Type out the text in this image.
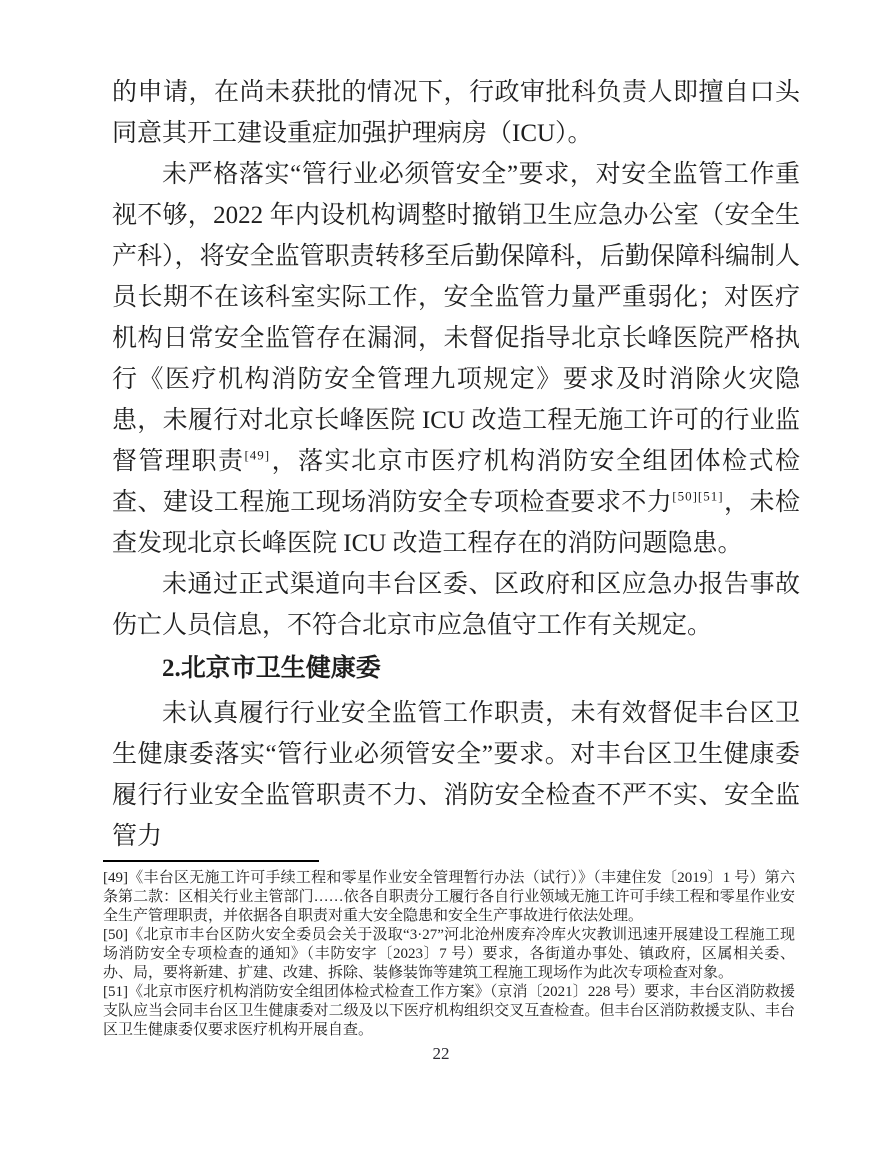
的申请，在尚未获批的情况下，行政审批科负责人即擅自口头同意其开工建设重症加强护理病房（ICU）。

未严格落实“管行业必须管安全”要求，对安全监管工作重视不够，2022 年内设机构调整时撤销卫生应急办公室（安全生产科），将安全监管职责转移至后勤保障科，后勤保障科编制人员长期不在该科室实际工作，安全监管力量严重弱化；对医疗机构日常安全监管存在漏洞，未督促指导北京长峰医院严格执行《医疗机构消防安全管理九项规定》要求及时消除火灾隐患，未履行对北京长峰医院 ICU 改造工程无施工许可的行业监督管理职责[49]，落实北京市医疗机构消防安全组团体检式检查、建设工程施工现场消防安全专项检查要求不力[50][51]，未检查发现北京长峰医院 ICU 改造工程存在的消防问题隐患。

未通过正式渠道向丰台区委、区政府和区应急办报告事故伤亡人员信息，不符合北京市应急值守工作有关规定。

2.北京市卫生健康委

未认真履行行业安全监管工作职责，未有效督促丰台区卫生健康委落实“管行业必须管安全”要求。对丰台区卫生健康委履行行业安全监管职责不力、消防安全检查不严不实、安全监管力

[49]《丰台区无施工许可手续工程和零星作业安全管理暂行办法（试行）》（丰建住发〔2019〕1 号）第六条第二款：区相关行业主管部门……依各自职责分工履行各自行业领域无施工许可手续工程和零星作业安全生产管理职责，并依据各自职责对重大安全隐患和安全生产事故进行依法处理。

[50]《北京市丰台区防火安全委员会关于汲取“3·27”河北沧州废弃冷库火灾教训迅速开展建设工程施工现场消防安全专项检查的通知》（丰防安字〔2023〕7 号）要求，各街道办事处、镇政府，区属相关委、办、局，要将新建、扩建、改建、拆除、装修装饰等建筑工程施工现场作为此次专项检查对象。

[51]《北京市医疗机构消防安全组团体检式检查工作方案》（京消〔2021〕228 号）要求，丰台区消防救援支队应当会同丰台区卫生健康委对二级及以下医疗机构组织交叉互查检查。但丰台区消防救援支队、丰台区卫生健康委仅要求医疗机构开展自查。

22
